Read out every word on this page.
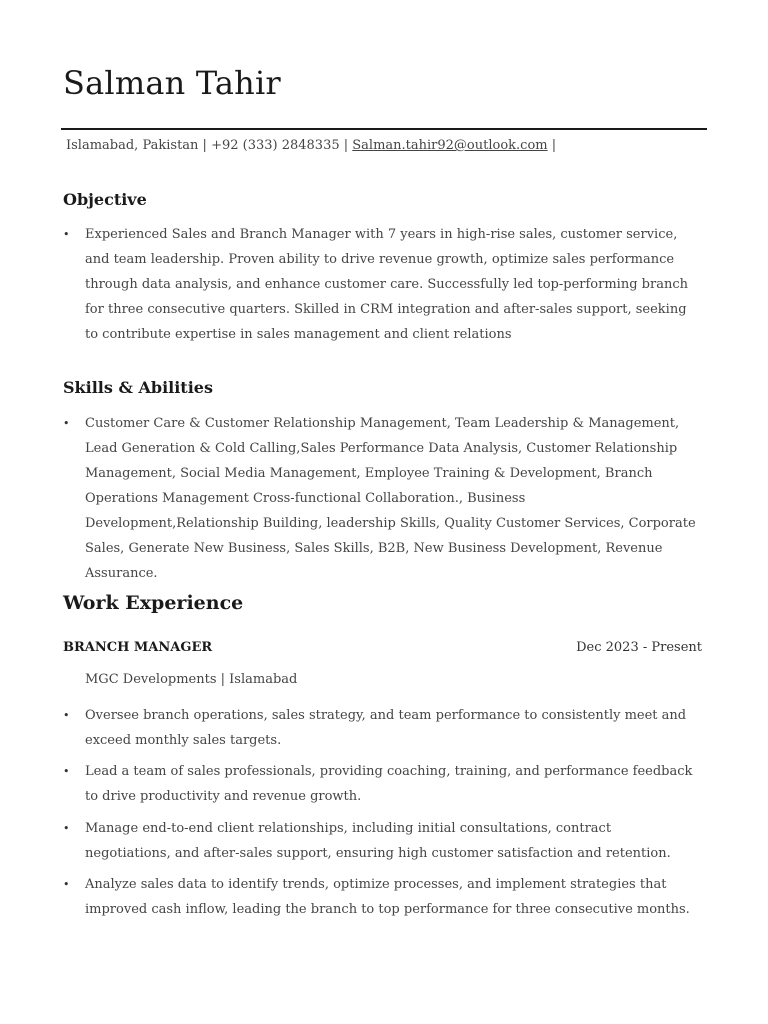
Salman Tahir
Islamabad, Pakistan | +92 (333) 2848335 | Salman.tahir92@outlook.com |
Objective
• Experienced Sales and Branch Manager with 7 years in high-rise sales, customer service, and team leadership. Proven ability to drive revenue growth, optimize sales performance through data analysis, and enhance customer care. Successfully led top-performing branch for three consecutive quarters. Skilled in CRM integration and after-sales support, seeking to contribute expertise in sales management and client relations
Skills & Abilities
• Customer Care & Customer Relationship Management, Team Leadership & Management, Lead Generation & Cold Calling,Sales Performance Data Analysis, Customer Relationship Management, Social Media Management, Employee Training & Development, Branch Operations Management Cross-functional Collaboration., Business Development,Relationship Building, leadership Skills, Quality Customer Services, Corporate Sales, Generate New Business, Sales Skills, B2B, New Business Development, Revenue Assurance.
Work Experience
BRANCH MANAGER	Dec 2023 - Present
MGC Developments | Islamabad
• Oversee branch operations, sales strategy, and team performance to consistently meet and exceed monthly sales targets.
• Lead a team of sales professionals, providing coaching, training, and performance feedback to drive productivity and revenue growth.
• Manage end-to-end client relationships, including initial consultations, contract negotiations, and after-sales support, ensuring high customer satisfaction and retention.
• Analyze sales data to identify trends, optimize processes, and implement strategies that improved cash inflow, leading the branch to top performance for three consecutive months.
